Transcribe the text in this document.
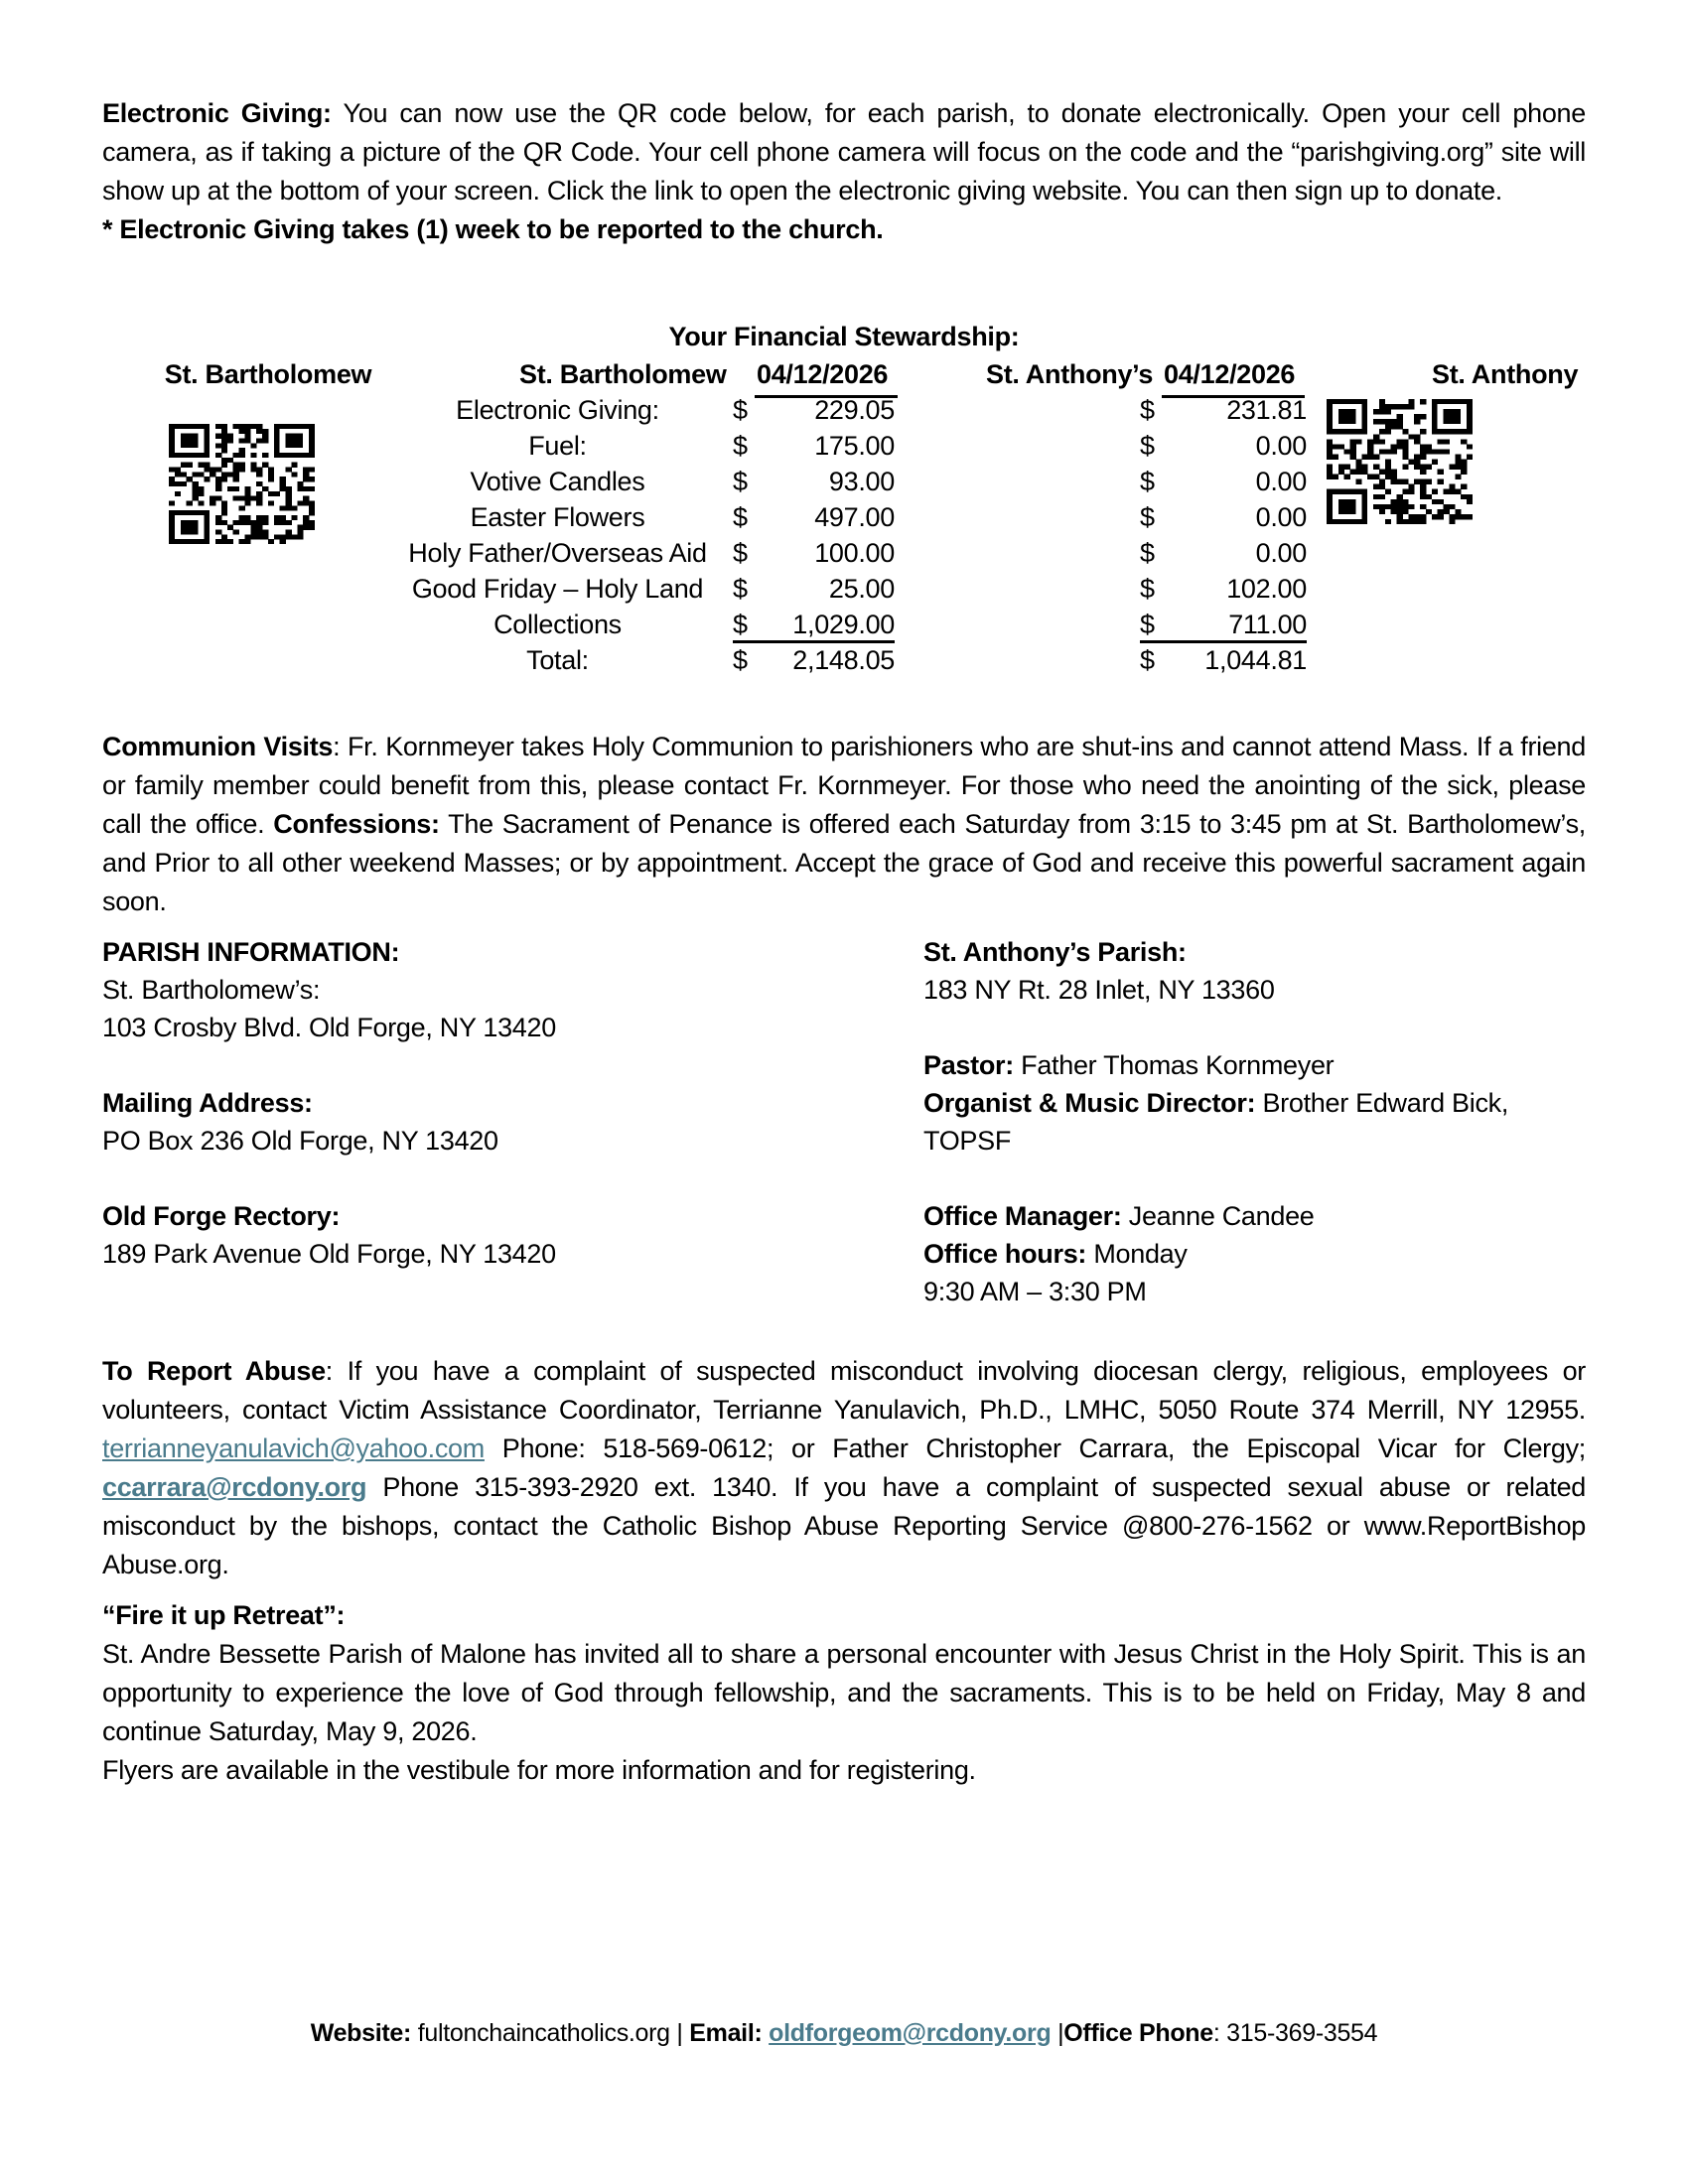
Electronic Giving: You can now use the QR code below, for each parish, to donate electronically. Open your cell phone camera, as if taking a picture of the QR Code. Your cell phone camera will focus on the code and the “parishgiving.org” site will show up at the bottom of your screen. Click the link to open the electronic giving website. You can then sign up to donate.
* Electronic Giving takes (1) week to be reported to the church.
Your Financial Stewardship:
St. Bartholomew	St. Bartholomew 04/12/2026	St. Anthony’s 04/12/2026	St. Anthony
Electronic Giving:	$ 229.05	$	231.81
Fuel:	$ 175.00	$	0.00
Votive Candles	$	93.00	$	0.00
Easter Flowers	$ 497.00	$	0.00
Holy Father/Overseas Aid $ 100.00	$	0.00
Good Friday – Holy Land	$	25.00	$	102.00
Collections	$ 1,029.00	$	711.00
Total:	$ 2,148.05	$ 1,044.81
Communion Visits: Fr. Kornmeyer takes Holy Communion to parishioners who are shut-ins and cannot attend Mass. If a friend or family member could benefit from this, please contact Fr. Kornmeyer. For those who need the anointing of the sick, please call the office. Confessions: The Sacrament of Penance is offered each Saturday from 3:15 to 3:45 pm at St. Bartholomew’s, and Prior to all other weekend Masses; or by appointment. Accept the grace of God and receive this powerful sacrament again soon.
PARISH INFORMATION:
St. Bartholomew’s:
103 Crosby Blvd. Old Forge, NY 13420
Mailing Address:
PO Box 236 Old Forge, NY 13420
Old Forge Rectory:
189 Park Avenue Old Forge, NY 13420
St. Anthony’s Parish:
183 NY Rt. 28 Inlet, NY 13360
Pastor: Father Thomas Kornmeyer
Organist & Music Director: Brother Edward Bick,
TOPSF
Office Manager: Jeanne Candee
Office hours: Monday
9:30 AM – 3:30 PM
To Report Abuse: If you have a complaint of suspected misconduct involving diocesan clergy, religious, employees or volunteers, contact Victim Assistance Coordinator, Terrianne Yanulavich, Ph.D., LMHC, 5050 Route 374 Merrill, NY 12955. terrianneyanulavich@yahoo.com Phone: 518-569-0612; or Father Christopher Carrara, the Episcopal Vicar for Clergy; ccarrara@rcdony.org Phone 315-393-2920 ext. 1340. If you have a complaint of suspected sexual abuse or related misconduct by the bishops, contact the Catholic Bishop Abuse Reporting Service @800-276-1562 or www.ReportBishop Abuse.org.
“Fire it up Retreat”:
St. Andre Bessette Parish of Malone has invited all to share a personal encounter with Jesus Christ in the Holy Spirit. This is an opportunity to experience the love of God through fellowship, and the sacraments. This is to be held on Friday, May 8 and continue Saturday, May 9, 2026.
Flyers are available in the vestibule for more information and for registering.
Website: fultonchaincatholics.org | Email: oldforgeom@rcdony.org |Office Phone: 315-369-3554
